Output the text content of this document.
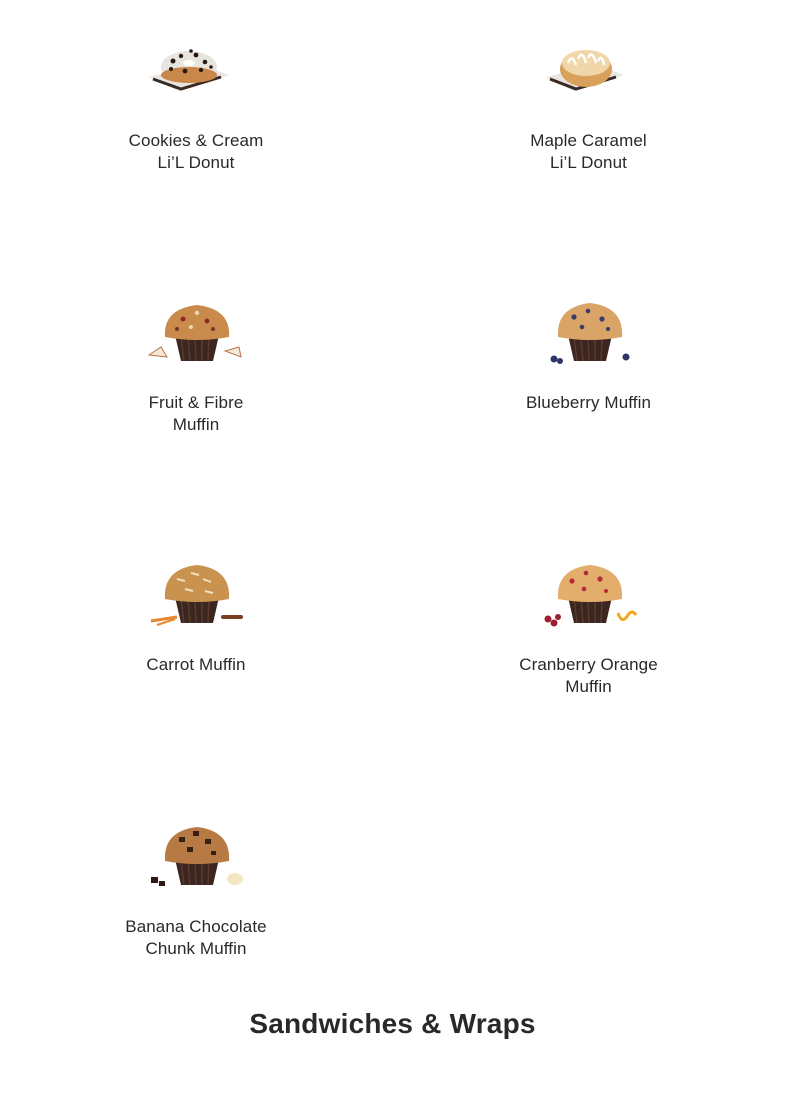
Cookies & Cream
Li’L Donut
Maple Caramel
Li’L Donut
Fruit & Fibre
Muffin
Blueberry Muffin
Carrot Muffin	Cranberry Orange
Muffin
Banana Chocolate
Chunk Muffin
Sandwiches & Wraps
